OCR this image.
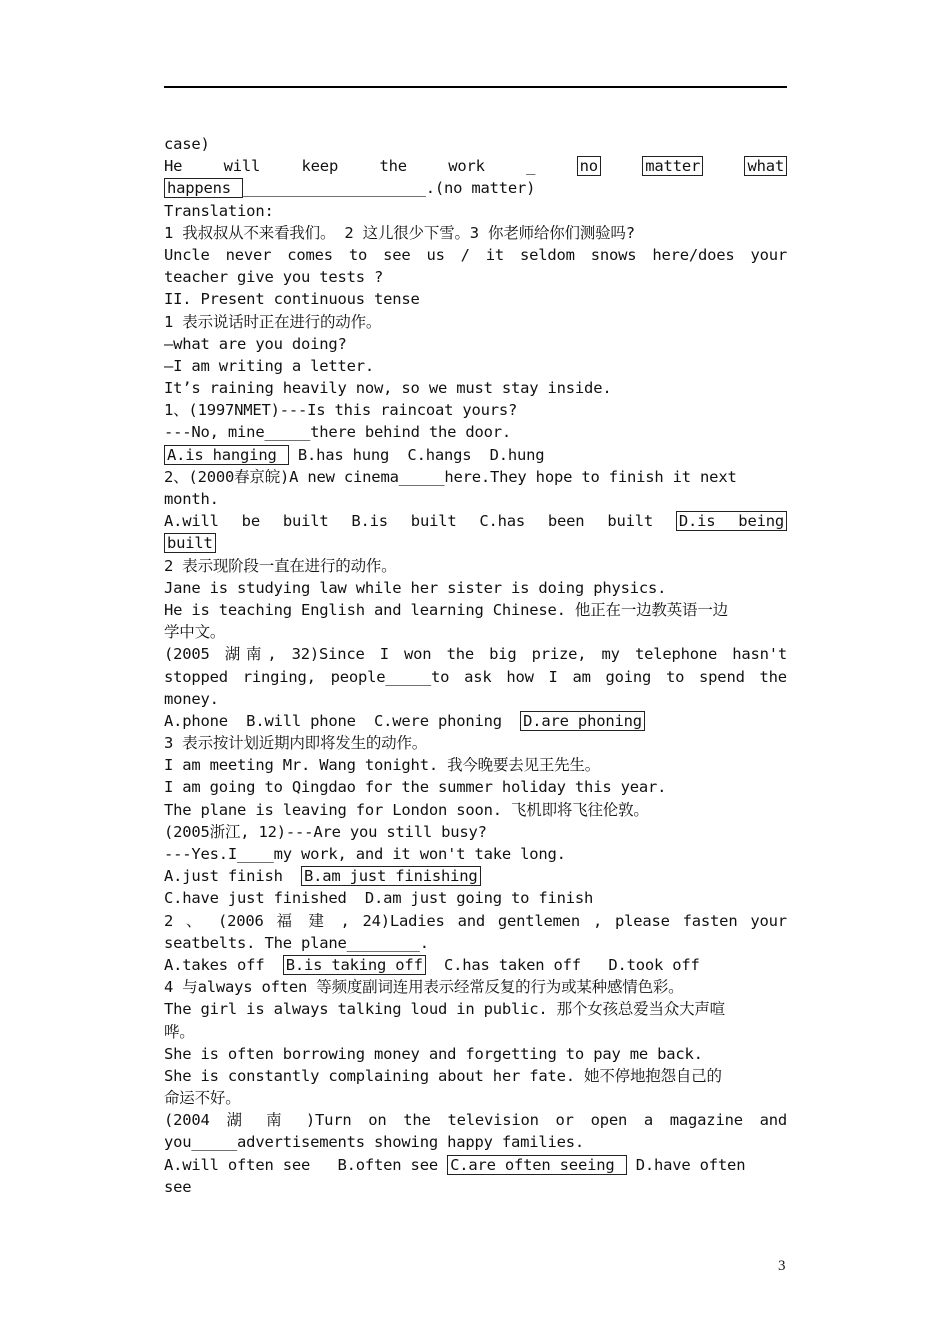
case)
He	will	keep	the	work	_	no	matter	what
happens ____________________.(no matter)
Translation:
1 我叔叔从不来看我们。 2 这儿很少下雪。3 你老师给你们测验吗?
Uncle never comes to see us / it seldom snows here/does your
teacher give you tests ?
II. Present continuous tense
1 表示说话时正在进行的动作。
—what are you doing?
—I am writing a letter.
It’s raining heavily now, so we must stay inside.
1、(1997NMET)---Is this raincoat yours?
---No, mine_____there behind the door.
A.is hanging  B.has hung  C.hangs  D.hung
2、(2000春京皖)A new cinema_____here.They hope to finish it next
month.
A.will be built B.is built C.has been built D.is being
built
2 表示现阶段一直在进行的动作。
Jane is studying law while her sister is doing physics.
He is teaching English and learning Chinese. 他正在一边教英语一边
学中文。
(2005 湖南, 32)Since I won the big prize, my telephone hasn't
stopped ringing, people_____to ask how I am going to spend the
money.
A.phone  B.will phone  C.were phoning  D.are phoning
3 表示按计划近期内即将发生的动作。
I am meeting Mr. Wang tonight. 我今晚要去见王先生。
I am going to Qingdao for the summer holiday this year.
The plane is leaving for London soon. 飞机即将飞往伦敦。
(2005浙江, 12)---Are you still busy?
---Yes.I____my work, and it won't take long.
A.just finish  B.am just finishing
C.have just finished  D.am just going to finish
2 、 (2006 福 建 , 24)Ladies and gentlemen , please fasten your
seatbelts. The plane________.
A.takes off  B.is taking off  C.has taken off   D.took off
4 与always often 等频度副词连用表示经常反复的行为或某种感情色彩。
The girl is always talking loud in public. 那个女孩总爱当众大声喧
哗。
She is often borrowing money and forgetting to pay me back.
She is constantly complaining about her fate. 她不停地抱怨自己的
命运不好。
(2004 湖 南 )Turn on the television or open a magazine and
you_____advertisements showing happy families.
A.will often see   B.often see C.are often seeing  D.have often
see
3
